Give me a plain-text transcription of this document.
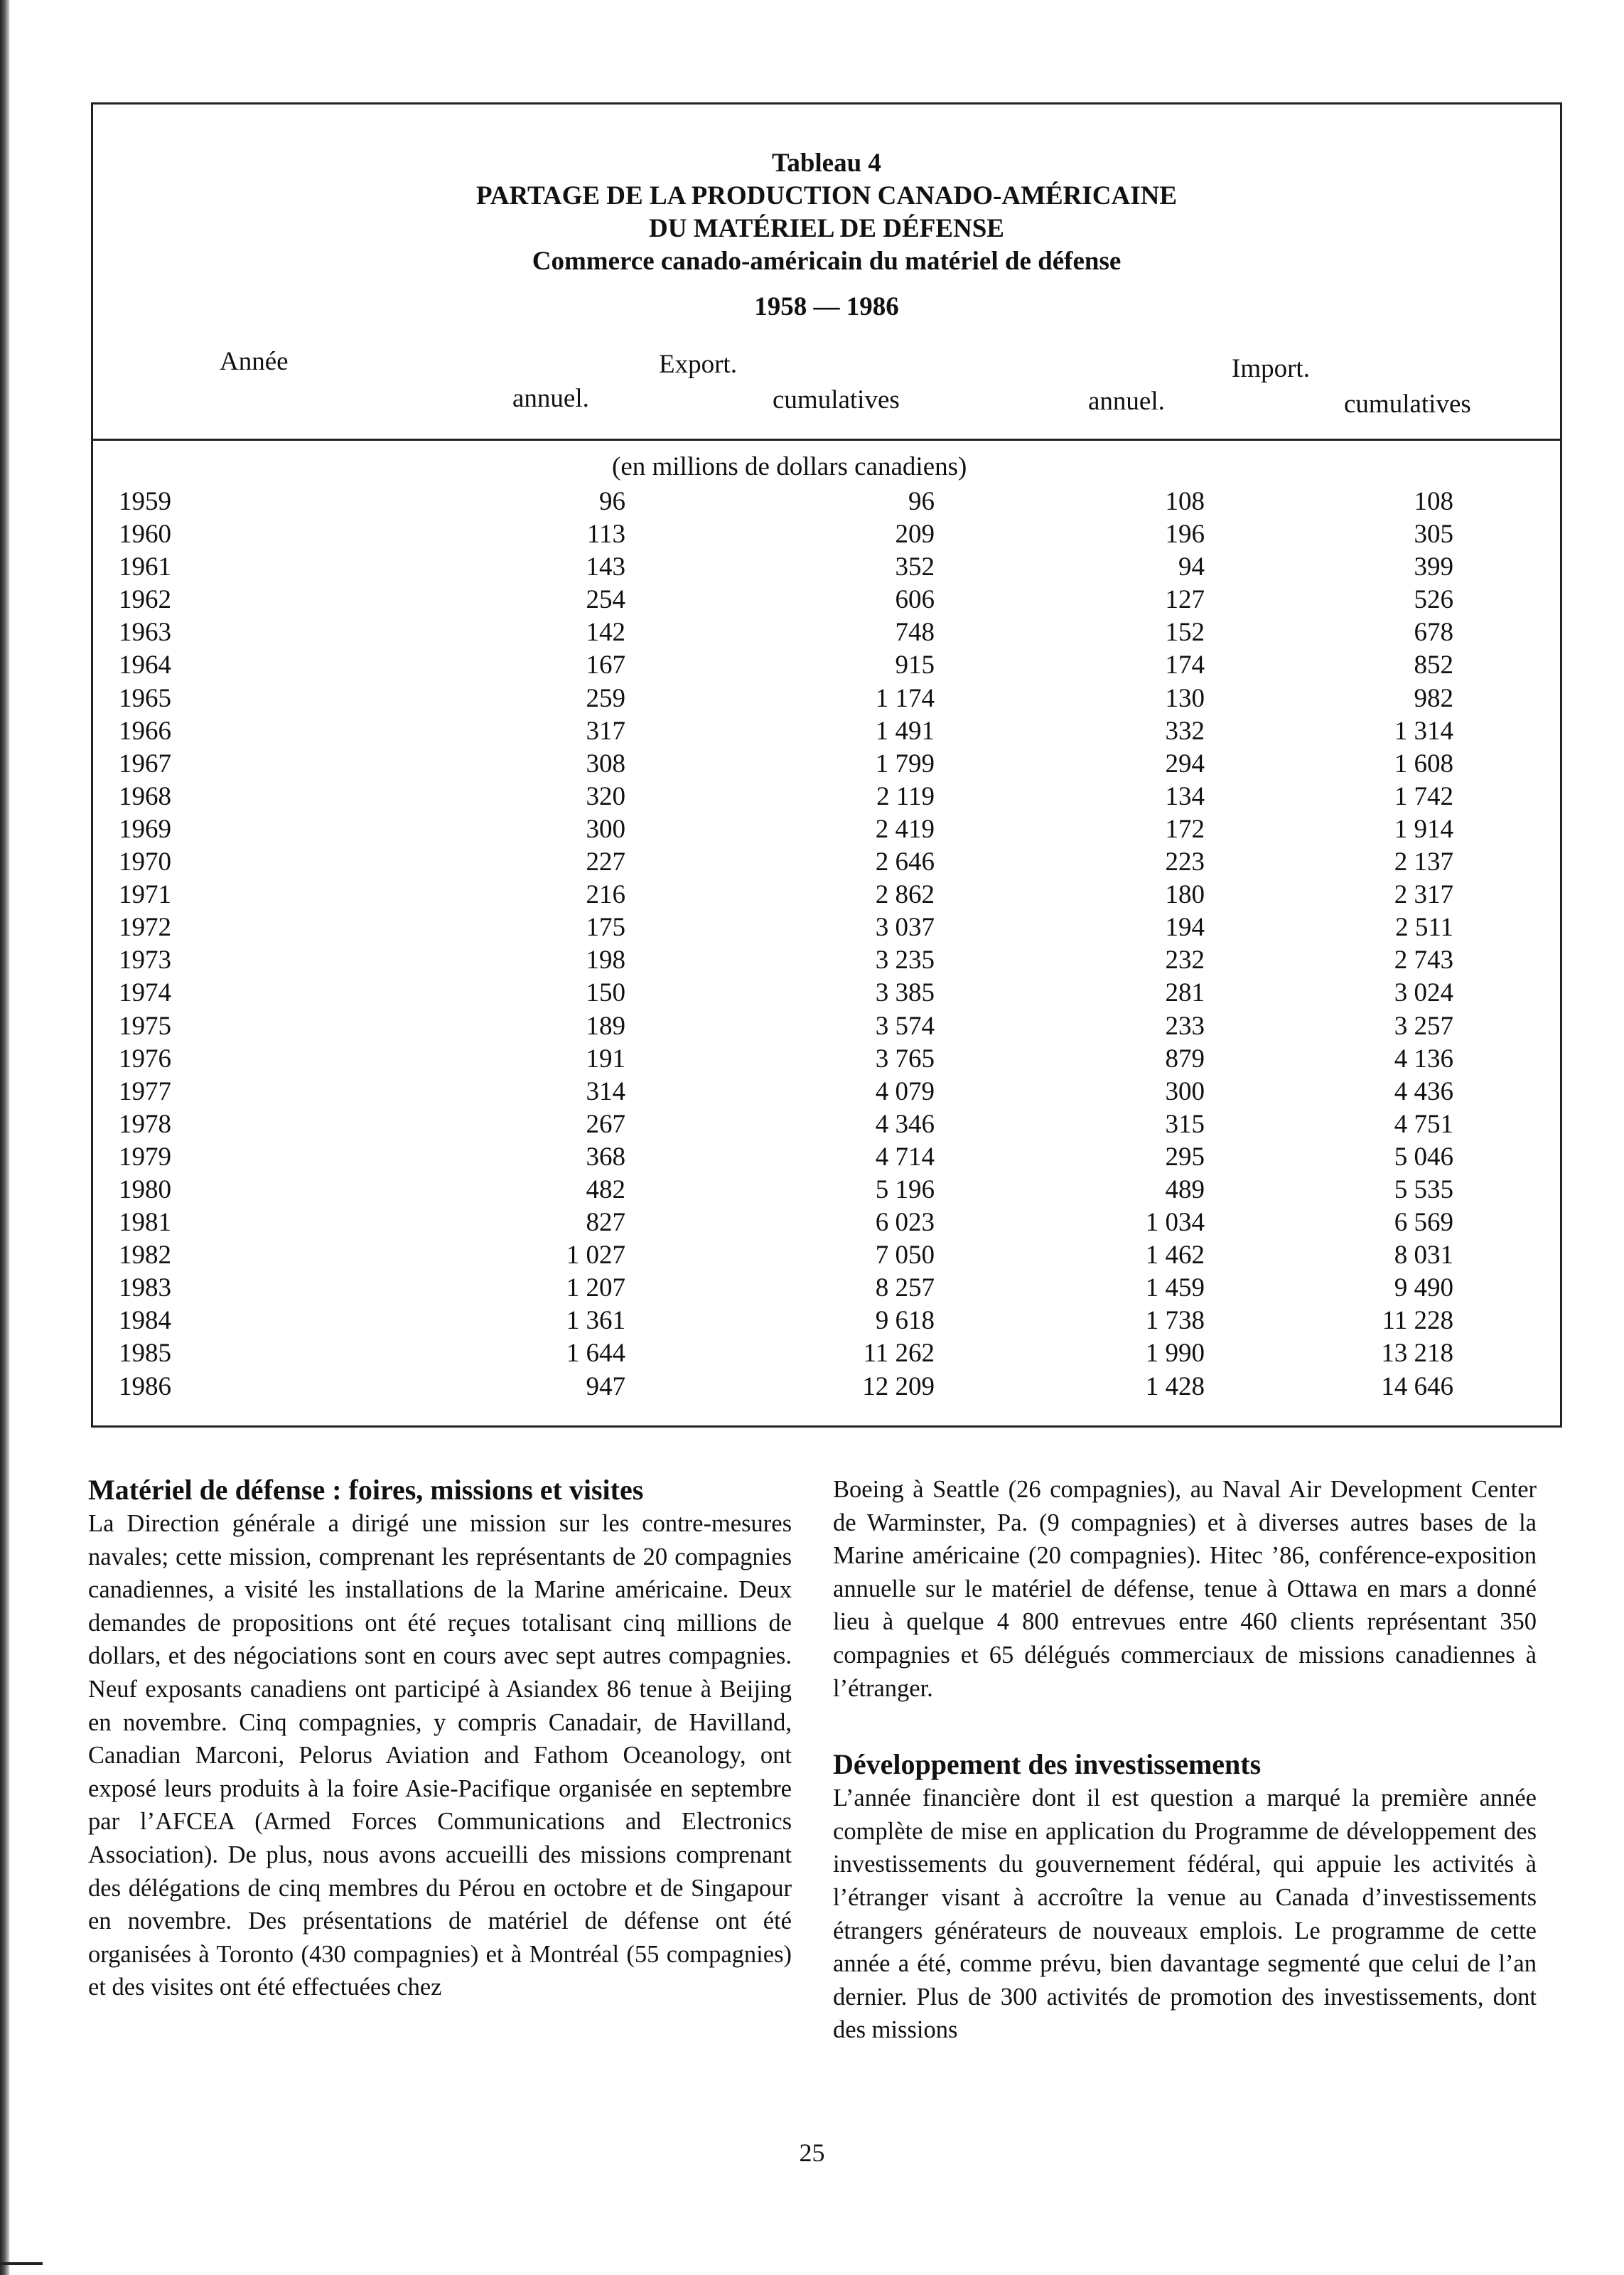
Tableau 4
PARTAGE DE LA PRODUCTION CANADO-AMÉRICAINE
DU MATÉRIEL DE DÉFENSE
Commerce canado-américain du matériel de défense
1958 — 1986
Année	Export.	Import.
annuel.	cumulatives	annuel.	cumulatives
(en millions de dollars canadiens)
1959	96	96	108	108
1960	113	209	196	305
1961	143	352	94	399
1962	254	606	127	526
1963	142	748	152	678
1964	167	915	174	852
1965	259	1 174	130	982
1966	317	1 491	332	1 314
1967	308	1 799	294	1 608
1968	320	2 119	134	1 742
1969	300	2 419	172	1 914
1970	227	2 646	223	2 137
1971	216	2 862	180	2 317
1972	175	3 037	194	2 511
1973	198	3 235	232	2 743
1974	150	3 385	281	3 024
1975	189	3 574	233	3 257
1976	191	3 765	879	4 136
1977	314	4 079	300	4 436
1978	267	4 346	315	4 751
1979	368	4 714	295	5 046
1980	482	5 196	489	5 535
1981	827	6 023	1 034	6 569
1982	1 027	7 050	1 462	8 031
1983	1 207	8 257	1 459	9 490
1984	1 361	9 618	1 738	11 228
1985	1 644	11 262	1 990	13 218
1986	947	12 209	1 428	14 646
Matériel de défense : foires, missions et visites

La Direction générale a dirigé une mission sur les contre-mesures navales; cette mission, comprenant les représentants de 20 compagnies canadiennes, a visité les installations de la Marine américaine. Deux demandes de propositions ont été reçues totalisant cinq millions de dollars, et des négociations sont en cours avec sept autres compagnies. Neuf exposants canadiens ont participé à Asiandex 86 tenue à Beijing en novembre. Cinq compagnies, y compris Canadair, de Havilland, Canadian Marconi, Pelorus Aviation and Fathom Oceanology, ont exposé leurs produits à la foire Asie-Pacifique organisée en septembre par l’AFCEA (Armed Forces Communications and Electronics Association). De plus, nous avons accueilli des missions comprenant des délégations de cinq membres du Pérou en octobre et de Singapour en novembre. Des présentations de matériel de défense ont été organisées à Toronto (430 compagnies) et à Montréal (55 compagnies) et des visites ont été effectuées chez

Boeing à Seattle (26 compagnies), au Naval Air Development Center de Warminster, Pa. (9 compagnies) et à diverses autres bases de la Marine américaine (20 compagnies). Hitec ’86, conférence-exposition annuelle sur le matériel de défense, tenue à Ottawa en mars a donné lieu à quelque 4 800 entrevues entre 460 clients représentant 350 compagnies et 65 délégués commerciaux de missions canadiennes à l’étranger.

Développement des investissements

L’année financière dont il est question a marqué la première année complète de mise en application du Programme de développement des investissements du gouvernement fédéral, qui appuie les activités à l’étranger visant à accroître la venue au Canada d’investissements étrangers générateurs de nouveaux emplois. Le programme de cette année a été, comme prévu, bien davantage segmenté que celui de l’an dernier. Plus de 300 activités de promotion des investissements, dont des missions

25
